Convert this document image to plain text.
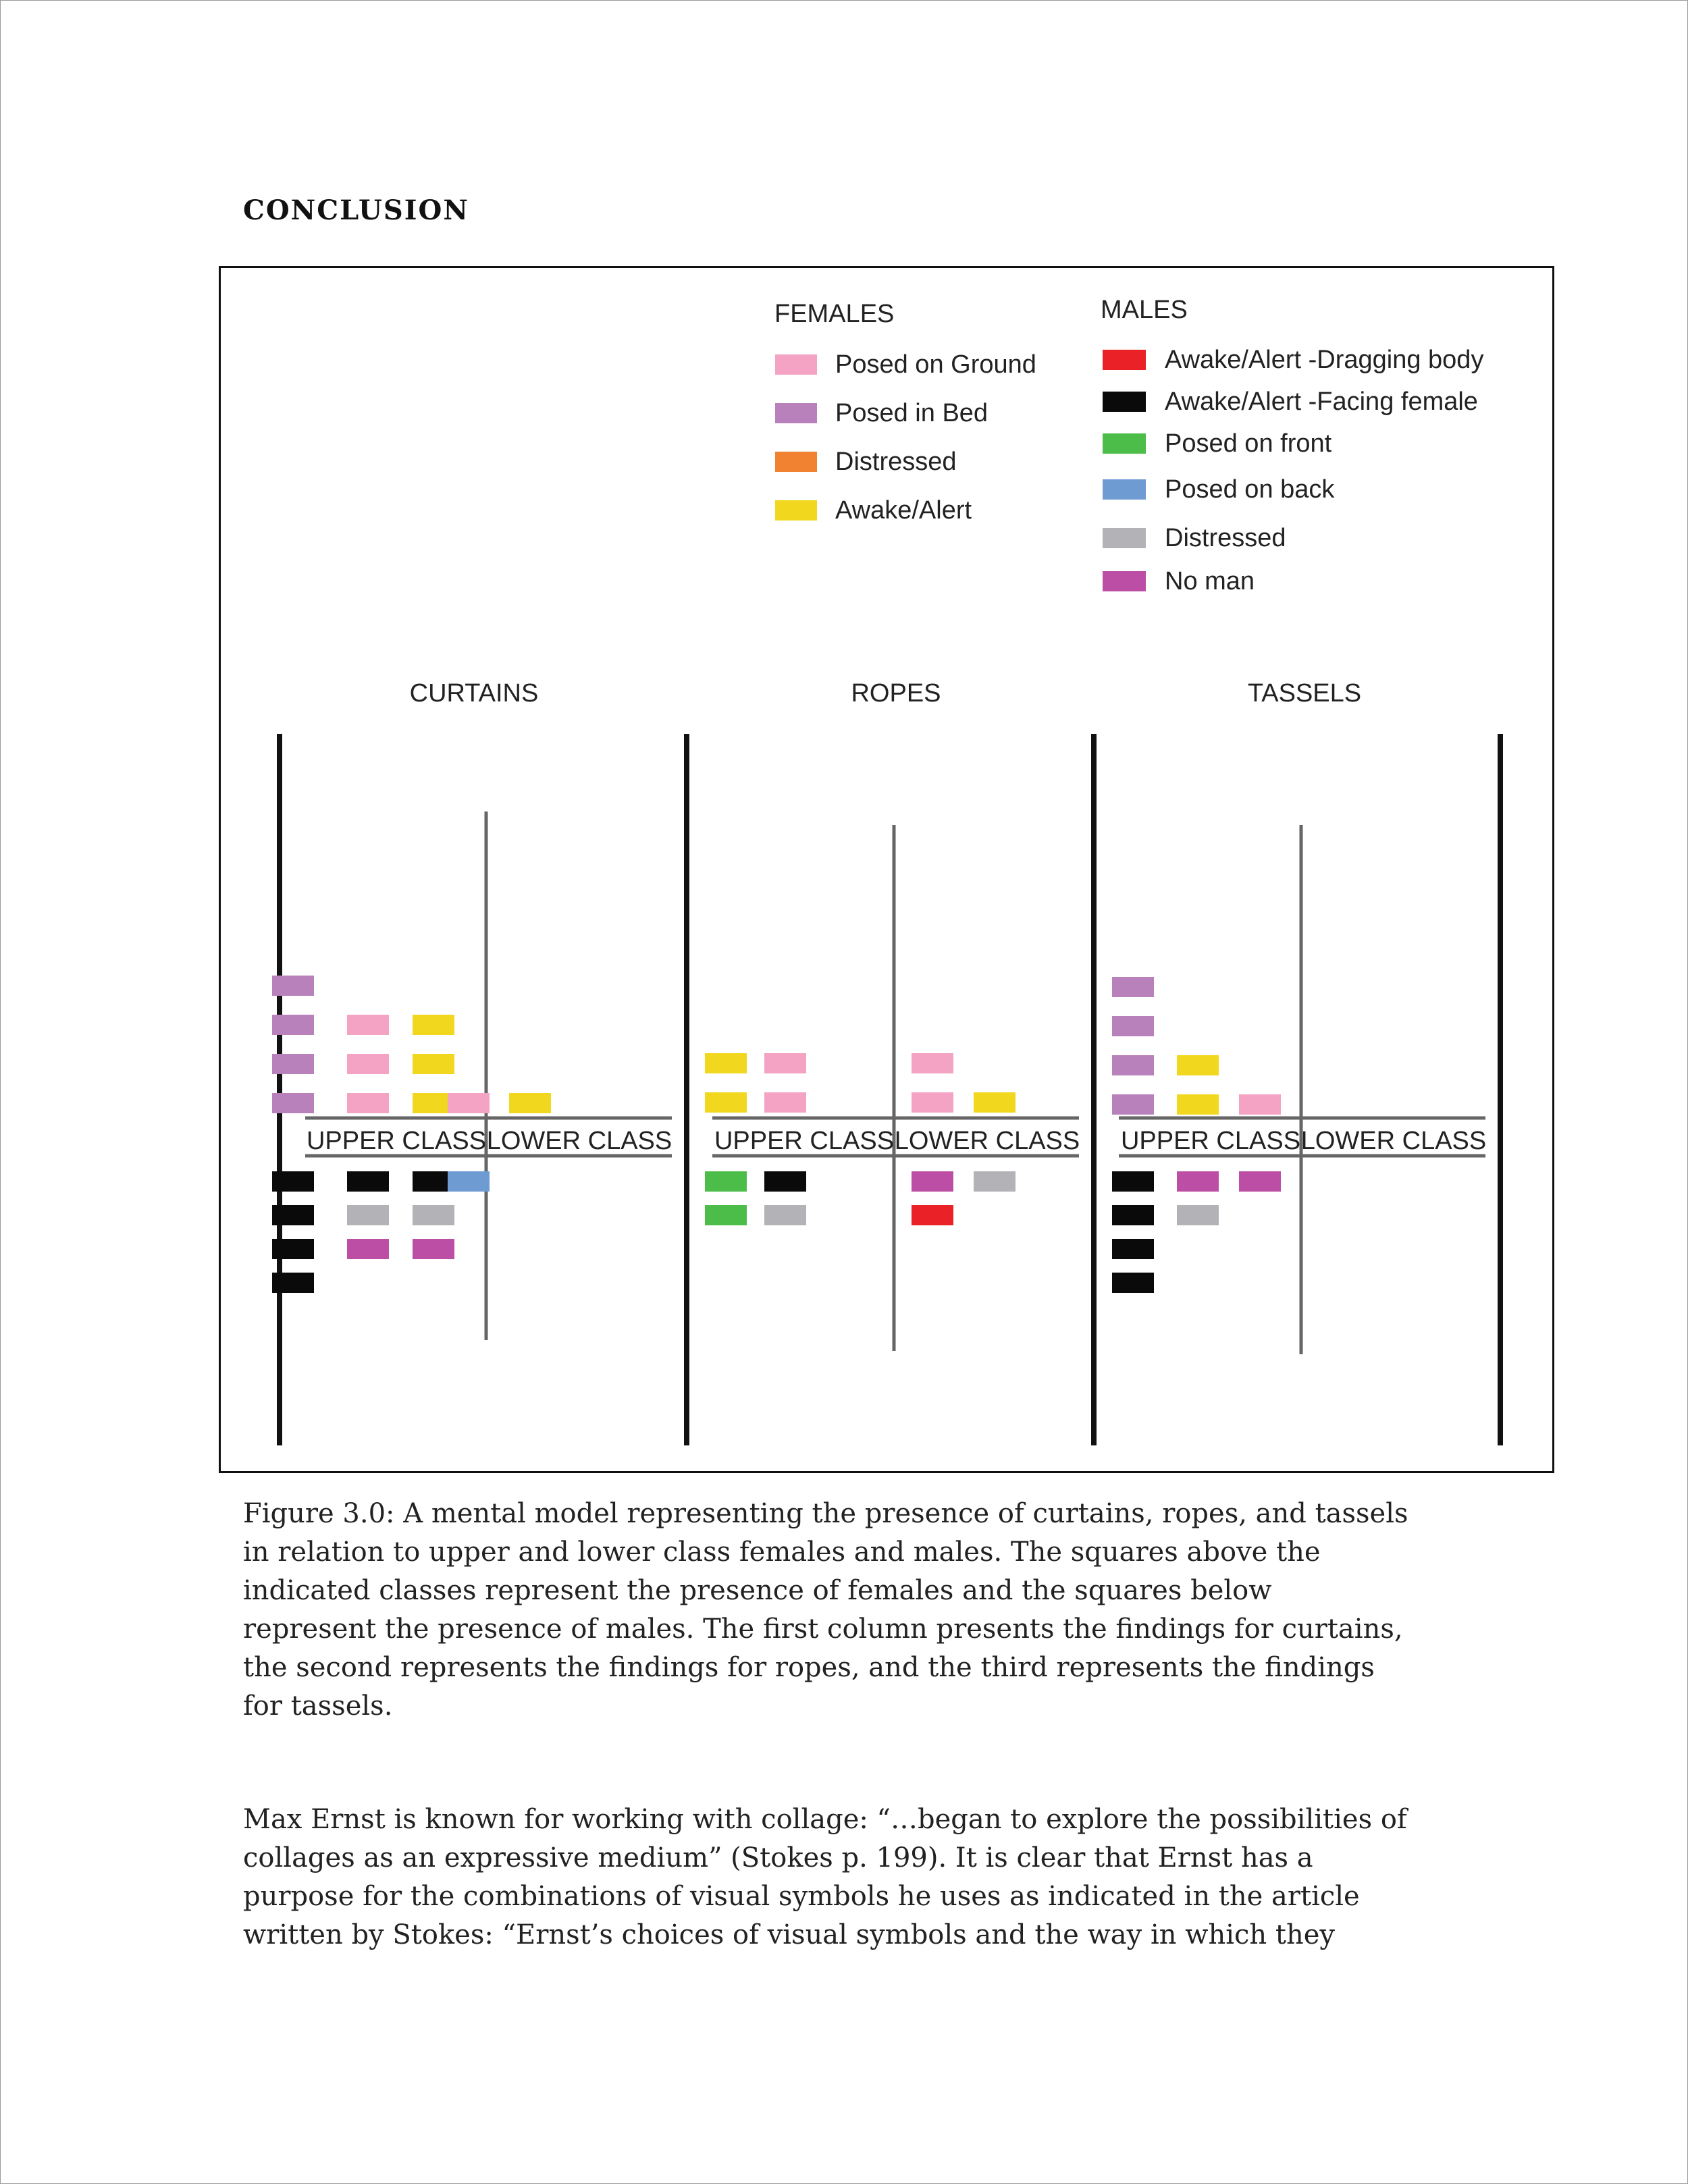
CONCLUSION
FEMALES
Posed on Ground
Posed in Bed
Distressed
Awake/Alert
MALES
Awake/Alert -Dragging body
Awake/Alert -Facing female
Posed on front
Posed on back
Distressed
No man
CURTAINS
UPPER CLASS LOWER CLASS
ROPES
UPPER CLASS LOWER CLASS
TASSELS
UPPER CLASS LOWER CLASS
Figure 3.0: A mental model representing the presence of curtains, ropes, and tassels
in relation to upper and lower class females and males. The squares above the
indicated classes represent the presence of females and the squares below
represent the presence of males. The first column presents the findings for curtains,
the second represents the findings for ropes, and the third represents the findings
for tassels.
Max Ernst is known for working with collage: “…began to explore the possibilities of
collages as an expressive medium” (Stokes p. 199). It is clear that Ernst has a
purpose for the combinations of visual symbols he uses as indicated in the article
written by Stokes: “Ernst’s choices of visual symbols and the way in which they
